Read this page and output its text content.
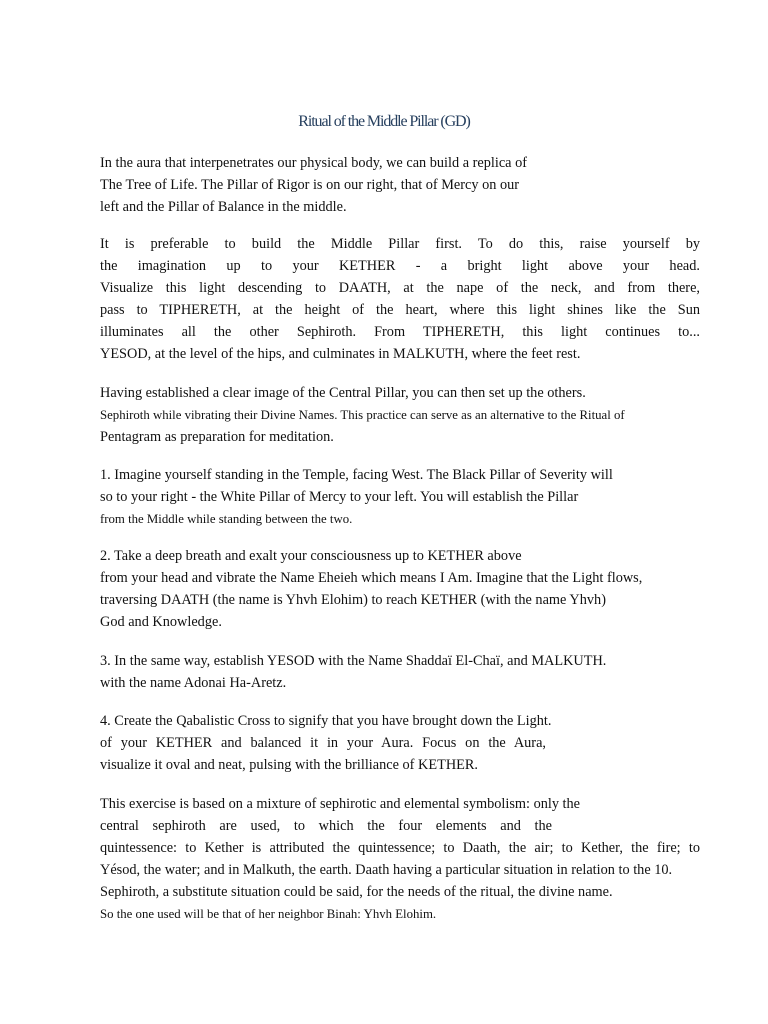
Ritual of the Middle Pillar (GD)
In the aura that interpenetrates our physical body, we can build a replica of
The Tree of Life. The Pillar of Rigor is on our right, that of Mercy on our
left and the Pillar of Balance in the middle.
It is preferable to build the Middle Pillar first. To do this, raise yourself by
the imagination up to your KETHER - a bright light above your head.
Visualize this light descending to DAATH, at the nape of the neck, and from there,
pass to TIPHERETH, at the height of the heart, where this light shines like the Sun
illuminates all the other Sephiroth. From TIPHERETH, this light continues to...
YESOD, at the level of the hips, and culminates in MALKUTH, where the feet rest.
Having established a clear image of the Central Pillar, you can then set up the others.
Sephiroth while vibrating their Divine Names. This practice can serve as an alternative to the Ritual of
Pentagram as preparation for meditation.
1. Imagine yourself standing in the Temple, facing West. The Black Pillar of Severity will
so to your right - the White Pillar of Mercy to your left. You will establish the Pillar
from the Middle while standing between the two.
2. Take a deep breath and exalt your consciousness up to KETHER above
from your head and vibrate the Name Eheieh which means I Am. Imagine that the Light flows,
traversing DAATH (the name is Yhvh Elohim) to reach KETHER (with the name Yhvh)
God and Knowledge.
3. In the same way, establish YESOD with the Name Shaddaï El-Chaï, and MALKUTH.
with the name Adonai Ha-Aretz.
4. Create the Qabalistic Cross to signify that you have brought down the Light.
of your KETHER and balanced it in your Aura. Focus on the Aura,
visualize it oval and neat, pulsing with the brilliance of KETHER.
This exercise is based on a mixture of sephirotic and elemental symbolism: only the
central sephiroth are used, to which the four elements and the
quintessence: to Kether is attributed the quintessence; to Daath, the air; to Kether, the fire; to
Yésod, the water; and in Malkuth, the earth. Daath having a particular situation in relation to the 10.
Sephiroth, a substitute situation could be said, for the needs of the ritual, the divine name.
So the one used will be that of her neighbor Binah: Yhvh Elohim.
